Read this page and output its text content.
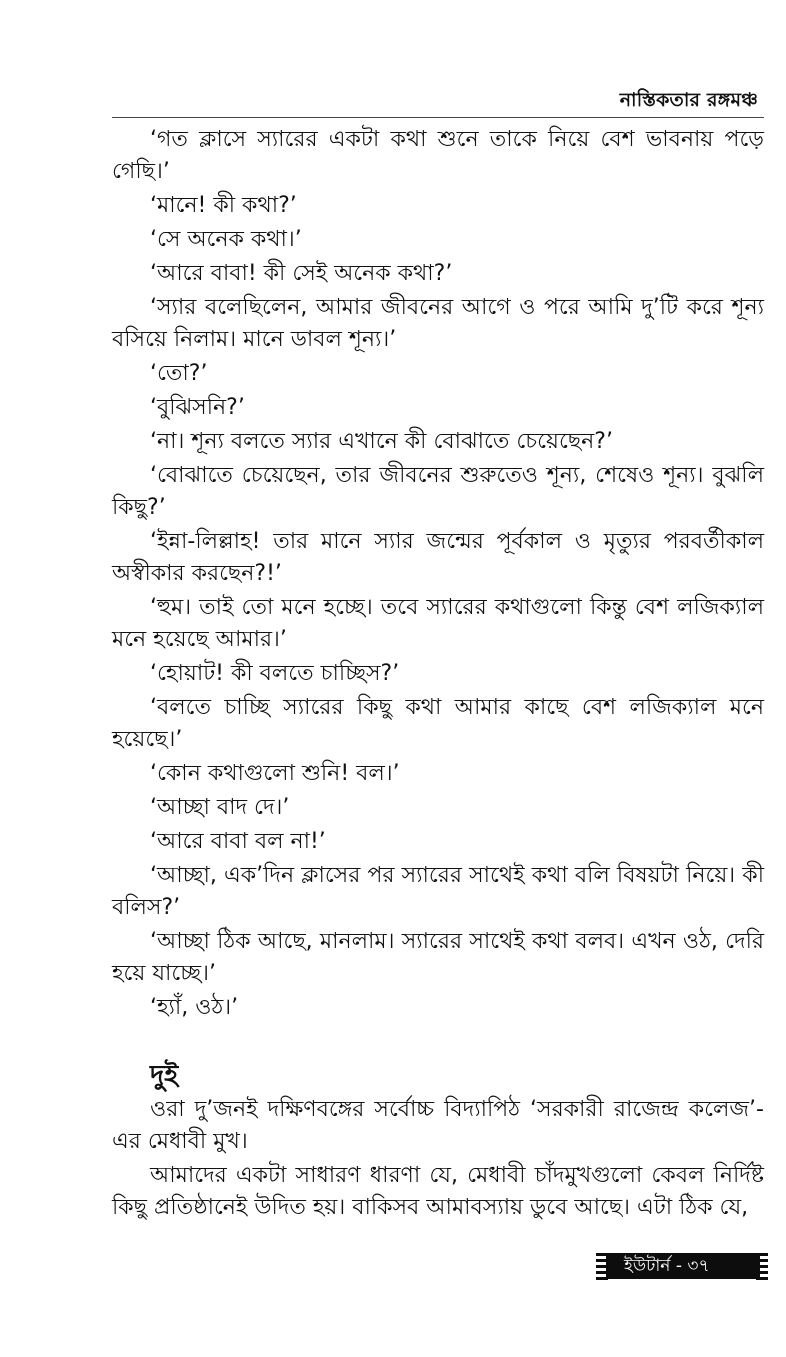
নাস্তিকতার রঙ্গমঞ্চ

‘গত ক্লাসে স্যারের একটা কথা শুনে তাকে নিয়ে বেশ ভাবনায় পড়ে গেছি।’

‘মানে! কী কথা?’

‘সে অনেক কথা।’

‘আরে বাবা! কী সেই অনেক কথা?’

‘স্যার বলেছিলেন, আমার জীবনের আগে ও পরে আমি দু’টি করে শূন্য বসিয়ে নিলাম। মানে ডাবল শূন্য।’

‘তো?’

‘বুঝিসনি?’

‘না। শূন্য বলতে স্যার এখানে কী বোঝাতে চেয়েছেন?’

‘বোঝাতে চেয়েছেন, তার জীবনের শুরুতেও শূন্য, শেষেও শূন্য। বুঝলি কিছু?’

‘ইন্না-লিল্লাহ! তার মানে স্যার জন্মের পূর্বকাল ও মৃত্যুর পরবর্তীকাল অস্বীকার করছেন?!’

‘হুম। তাই তো মনে হচ্ছে। তবে স্যারের কথাগুলো কিন্তু বেশ লজিক্যাল মনে হয়েছে আমার।’

‘হোয়াট! কী বলতে চাচ্ছিস?’

‘বলতে চাচ্ছি স্যারের কিছু কথা আমার কাছে বেশ লজিক্যাল মনে হয়েছে।’

‘কোন কথাগুলো শুনি! বল।’

‘আচ্ছা বাদ দে।’

‘আরে বাবা বল না!’

‘আচ্ছা, এক’দিন ক্লাসের পর স্যারের সাথেই কথা বলি বিষয়টা নিয়ে। কী বলিস?’

‘আচ্ছা ঠিক আছে, মানলাম। স্যারের সাথেই কথা বলব। এখন ওঠ, দেরি হয়ে যাচ্ছে।’

‘হ্যাঁ, ওঠ।’

দুই

ওরা দু’জনই দক্ষিণবঙ্গের সর্বোচ্চ বিদ্যাপিঠ ‘সরকারী রাজেন্দ্র কলেজ’-এর মেধাবী মুখ।

আমাদের একটা সাধারণ ধারণা যে, মেধাবী চাঁদমুখগুলো কেবল নির্দিষ্ট কিছু প্রতিষ্ঠানেই উদিত হয়। বাকিসব আমাবস্যায় ডুবে আছে। এটা ঠিক যে,

ইউটার্ন - ৩৭
